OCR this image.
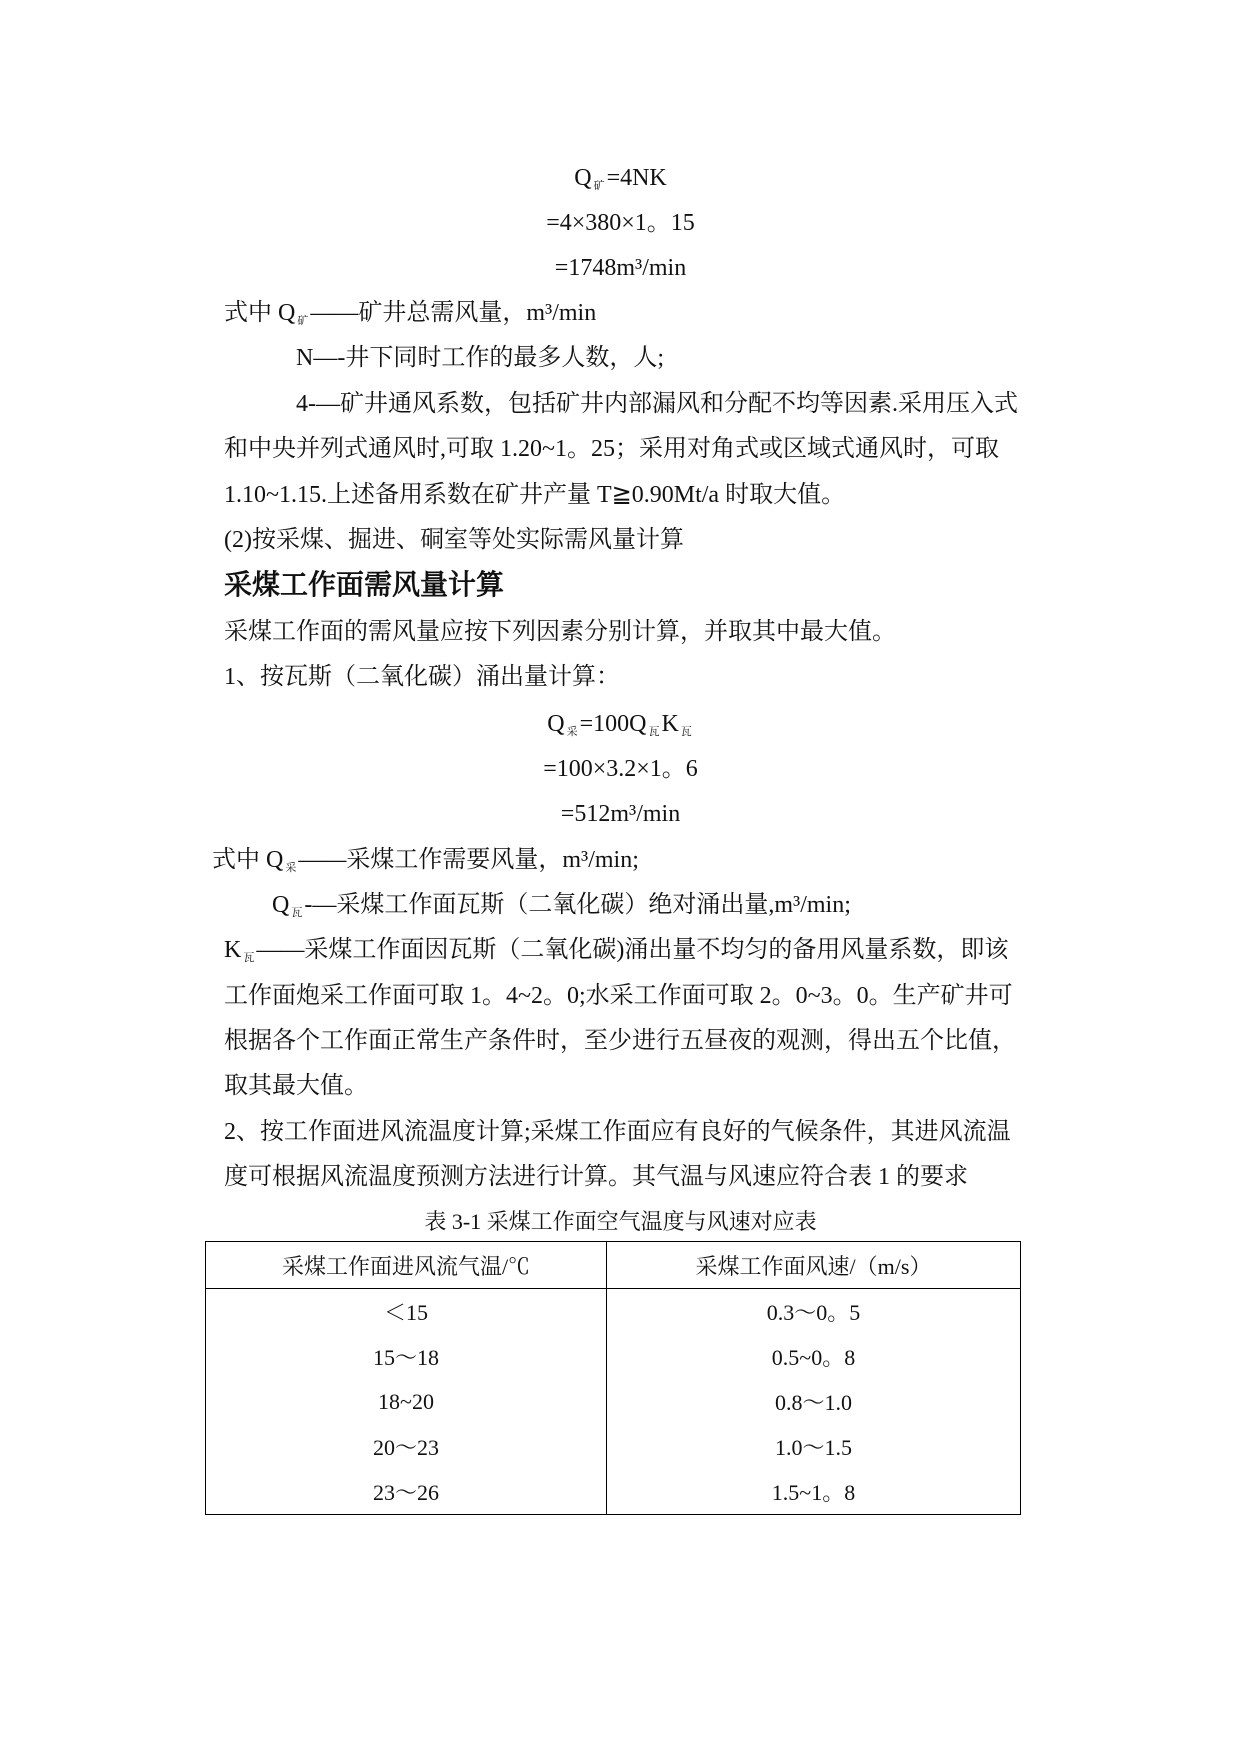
Q $_矿$=4NK
=4×380×1。15
=1748m³/min
式中 Q $_矿$——矿井总需风量，m³/min
N—-井下同时工作的最多人数，人;
4-—矿井通风系数，包括矿井内部漏风和分配不均等因素.采用压入式
和中央并列式通风时,可取 1.20~1。25；采用对角式或区域式通风时，可取
1.10~1.15.上述备用系数在矿井产量 T≧0.90Mt/a 时取大值。
(2)按采煤、掘进、硐室等处实际需风量计算
采煤工作面需风量计算
采煤工作面的需风量应按下列因素分别计算，并取其中最大值。
1、按瓦斯（二氧化碳）涌出量计算：
Q $_采$=100Q $_瓦$K $_瓦$
=100×3.2×1。6
=512m³/min
式中 Q $_采$——采煤工作需要风量，m³/min;
Q $_瓦$-—采煤工作面瓦斯（二氧化碳）绝对涌出量,m³/min;
K $_瓦$——采煤工作面因瓦斯（二氧化碳)涌出量不均匀的备用风量系数，即该
工作面炮采工作面可取 1。4~2。0;水采工作面可取 2。0~3。0。生产矿井可
根据各个工作面正常生产条件时，至少进行五昼夜的观测，得出五个比值，
取其最大值。
2、按工作面进风流温度计算;采煤工作面应有良好的气候条件，其进风流温
度可根据风流温度预测方法进行计算。其气温与风速应符合表 1 的要求
表 3-1 采煤工作面空气温度与风速对应表
采煤工作面进风流气温/℃	采煤工作面风速/（m/s）
＜15	0.3～0。5
15～18	0.5~0。8
18~20	0.8～1.0
20～23	1.0～1.5
23～26	1.5~1。8
